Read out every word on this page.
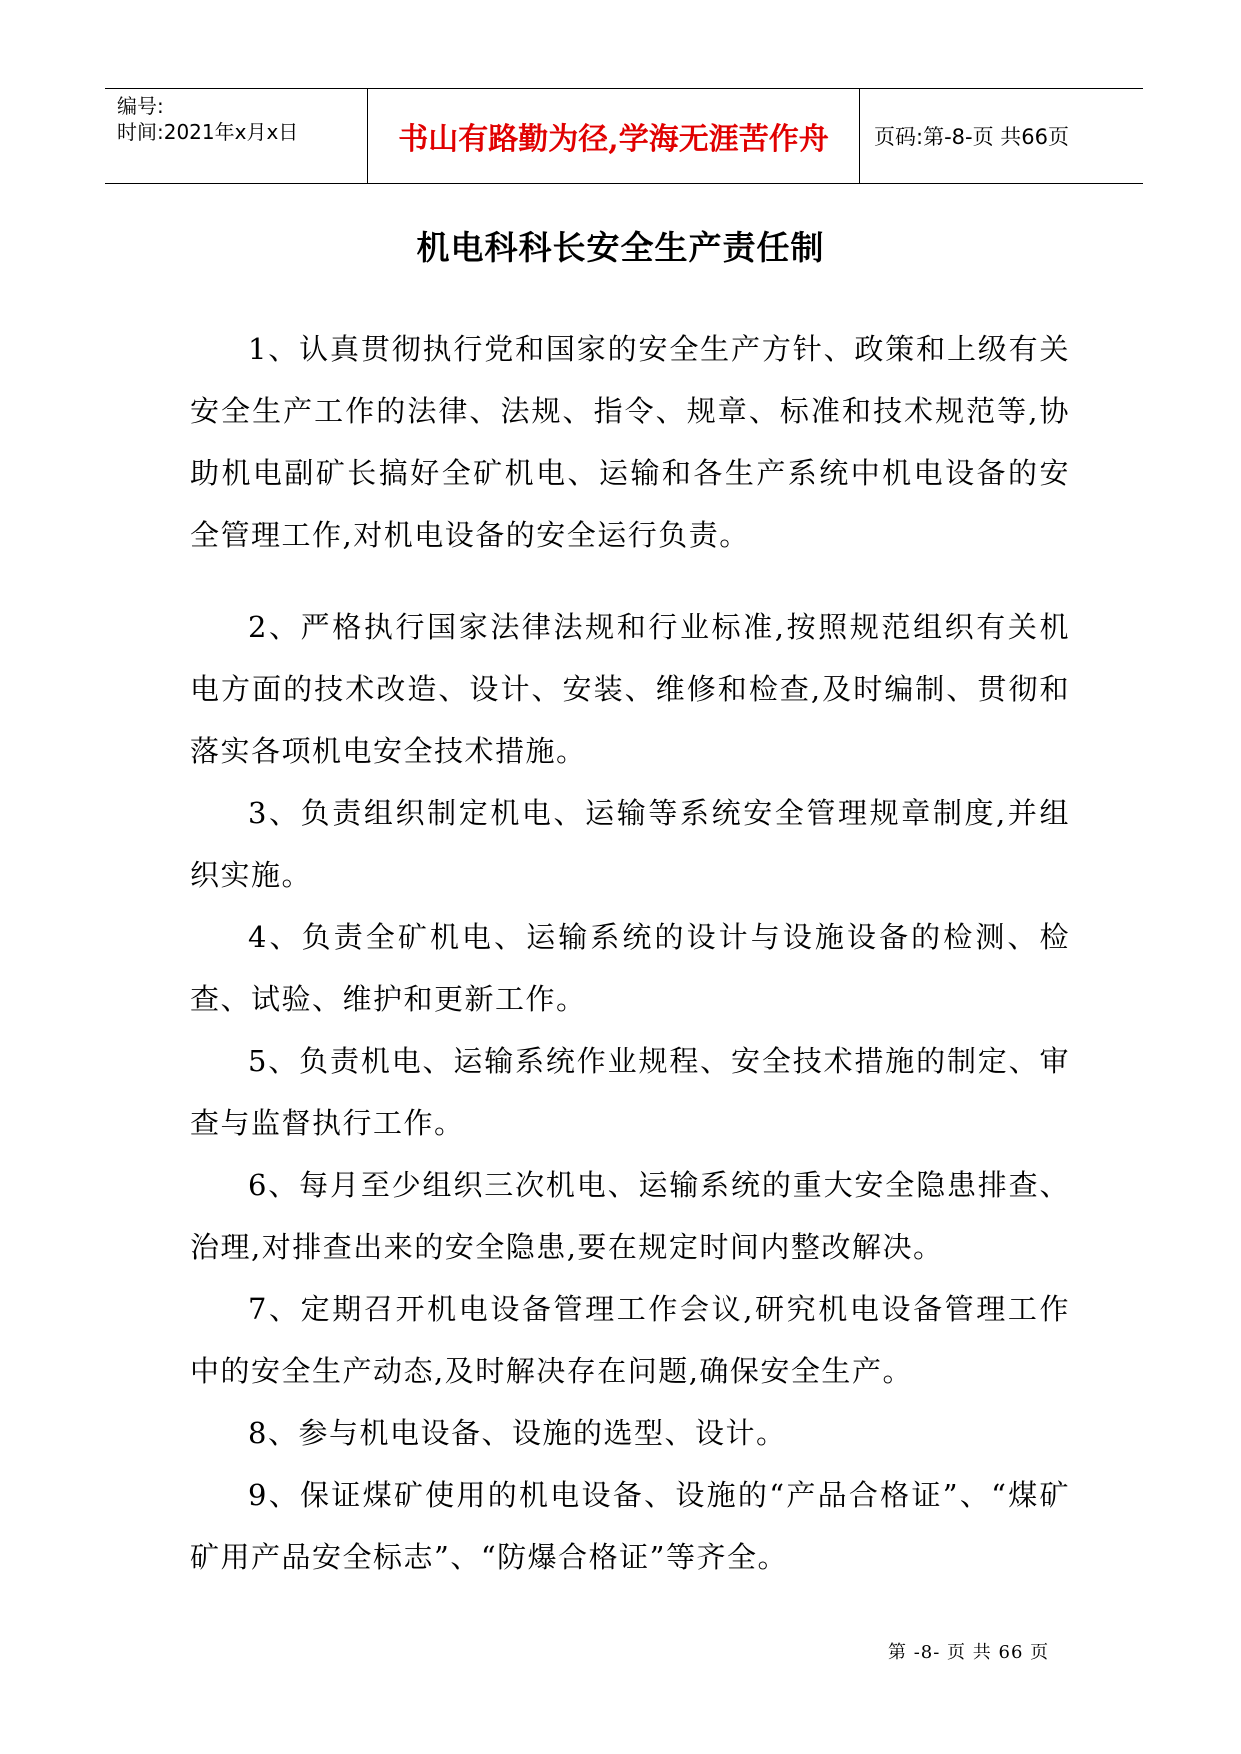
编号:
时间:2021年x月x日	书山有路勤为径,学海无涯苦作舟	页码:第-8-页 共66页
机电科科长安全生产责任制

1、认真贯彻执行党和国家的安全生产方针、政策和上级有关安全生产工作的法律、法规、指令、规章、标准和技术规范等,协助机电副矿长搞好全矿机电、运输和各生产系统中机电设备的安全管理工作,对机电设备的安全运行负责。

2、严格执行国家法律法规和行业标准,按照规范组织有关机电方面的技术改造、设计、安装、维修和检查,及时编制、贯彻和落实各项机电安全技术措施。

3、负责组织制定机电、运输等系统安全管理规章制度,并组织实施。

4、负责全矿机电、运输系统的设计与设施设备的检测、检查、试验、维护和更新工作。

5、负责机电、运输系统作业规程、安全技术措施的制定、审查与监督执行工作。

6、每月至少组织三次机电、运输系统的重大安全隐患排查、治理,对排查出来的安全隐患,要在规定时间内整改解决。

7、定期召开机电设备管理工作会议,研究机电设备管理工作中的安全生产动态,及时解决存在问题,确保安全生产。

8、参与机电设备、设施的选型、设计。

9、保证煤矿使用的机电设备、设施的“产品合格证”、“煤矿矿用产品安全标志”、“防爆合格证”等齐全。

第 -8- 页 共 66 页
